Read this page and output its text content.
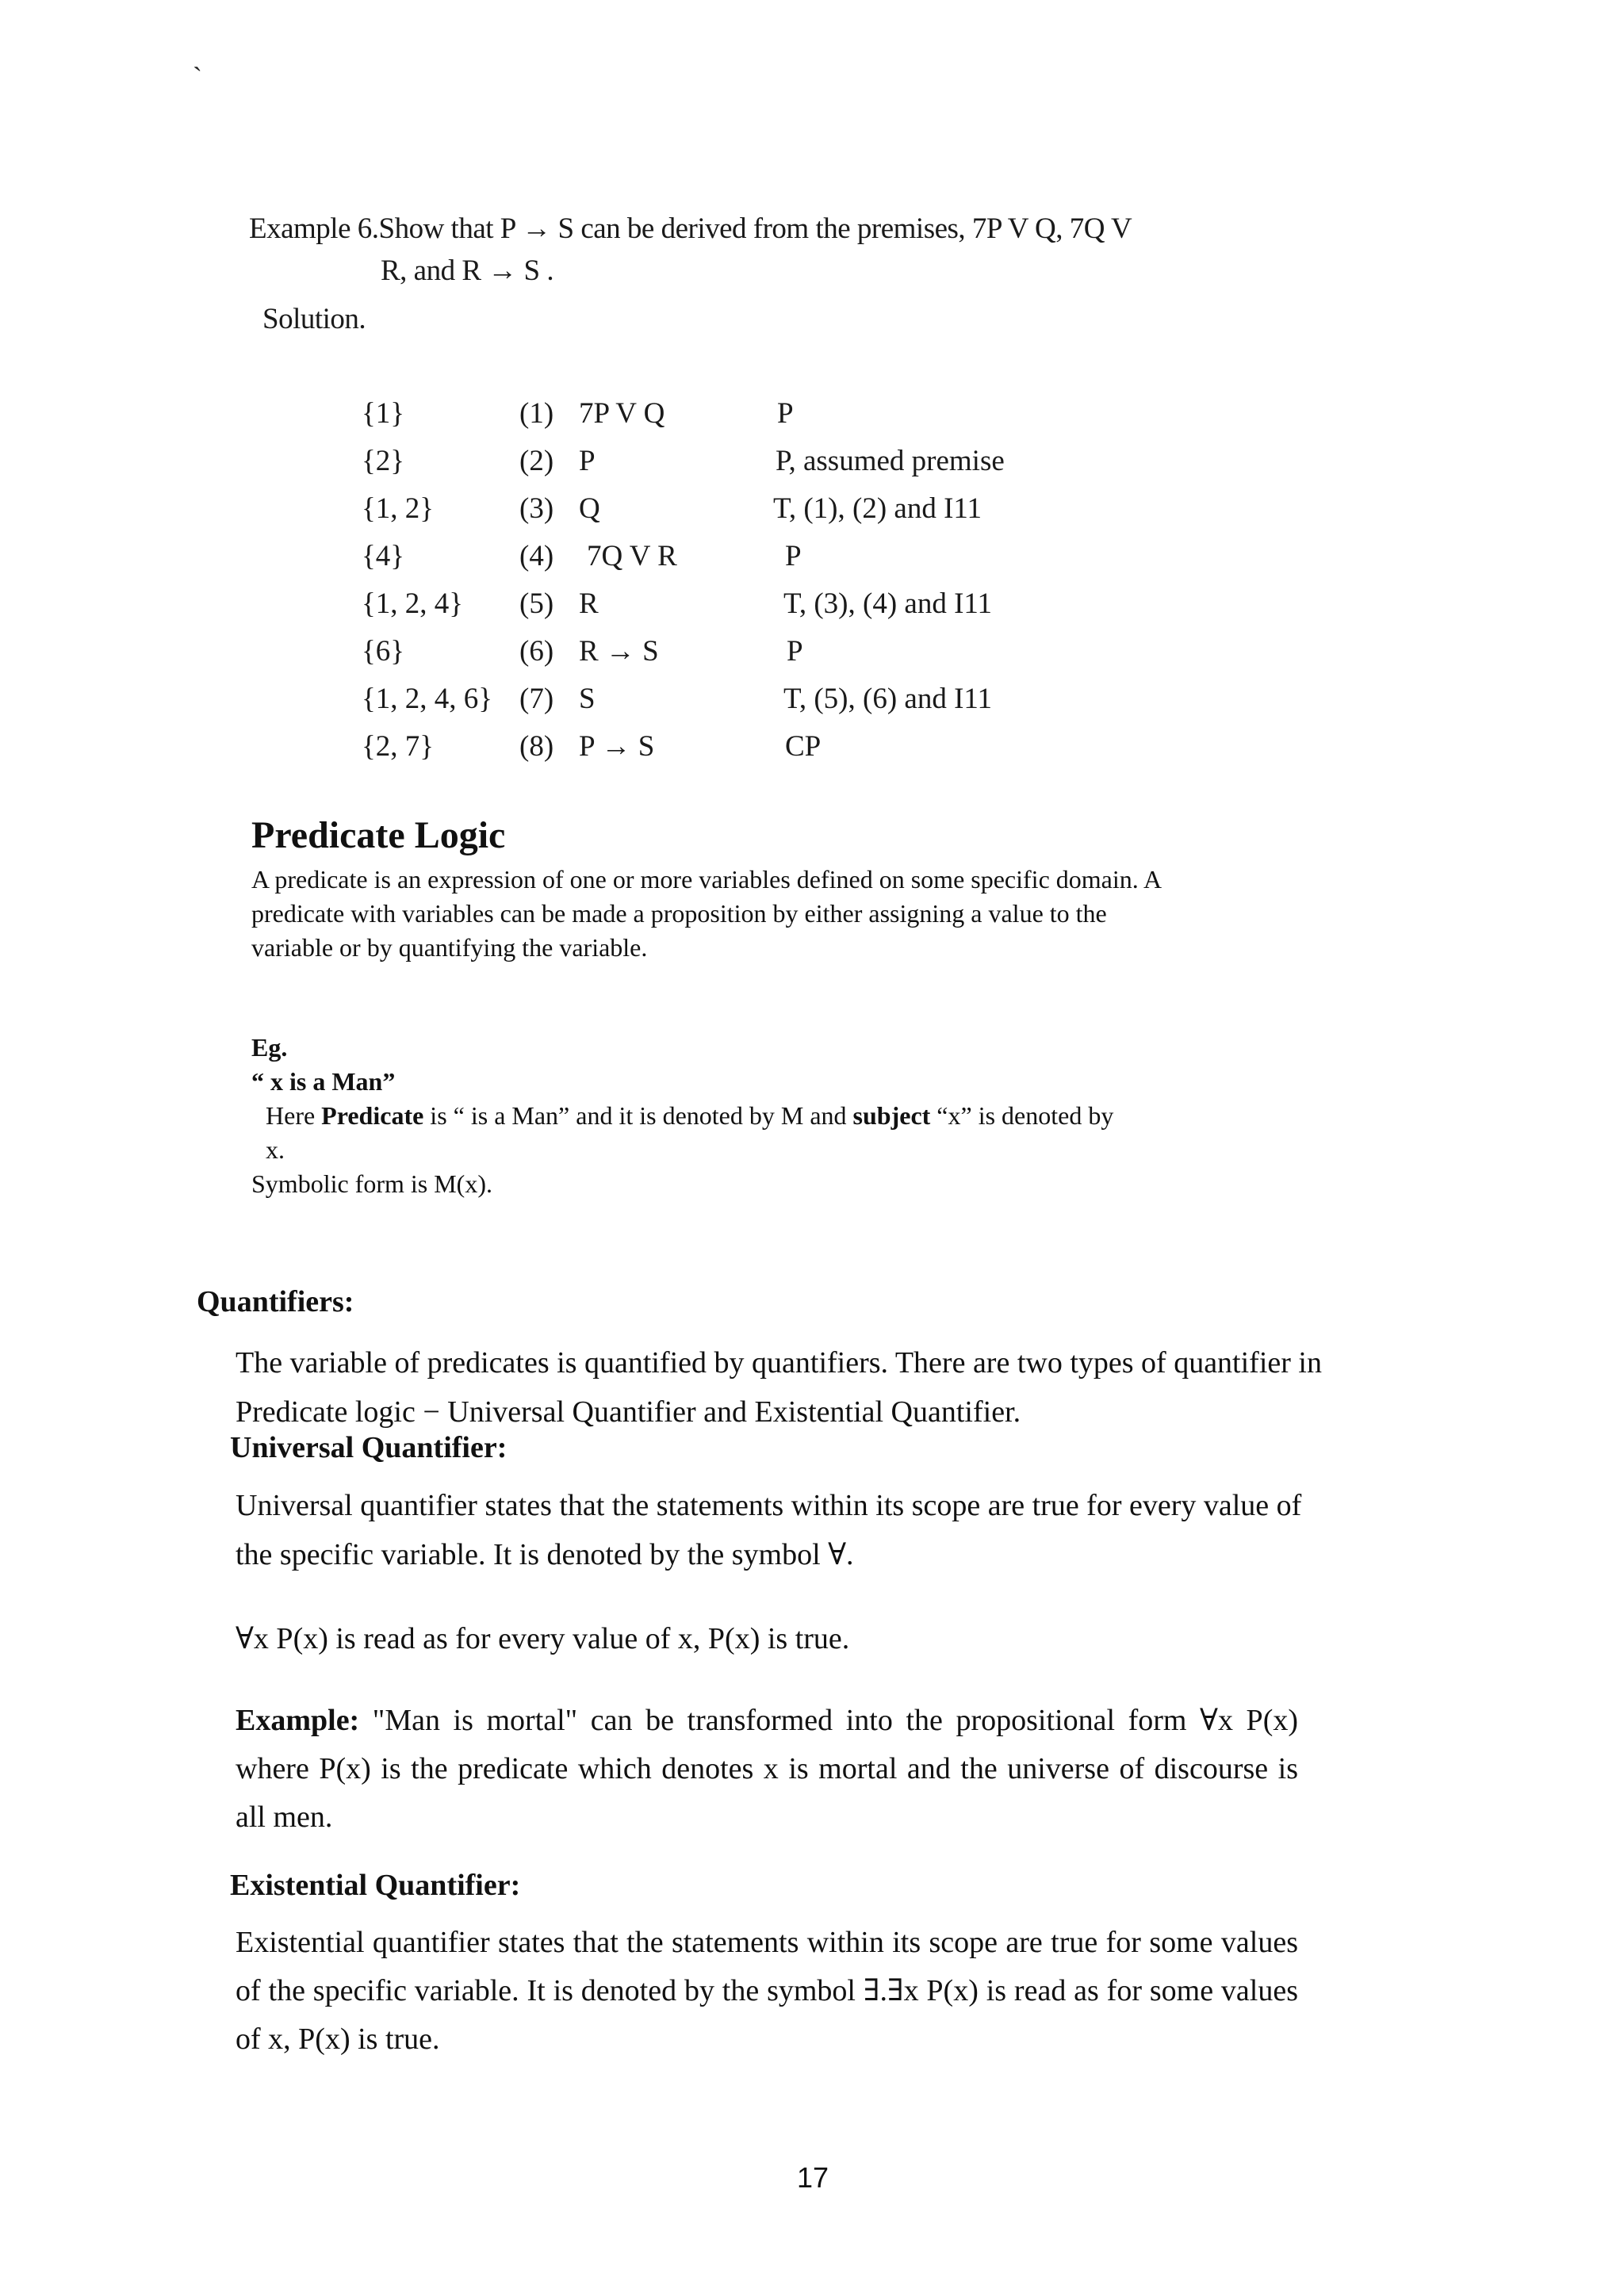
`
Example 6.Show that P → S can be derived from the premises, 7P V Q, 7Q V
R, and R → S .
Solution.
{1}	(1) 7P V Q	P
{2}	(2) P	P, assumed premise
{1, 2}	(3) Q	T, (1), (2) and I11
{4}	(4) 7Q V R	P
{1, 2, 4} (5) R	T, (3), (4) and I11
{6}	(6) R → S	P
{1, 2, 4, 6} (7) S	T, (5), (6) and I11
{2, 7}	(8) P → S	CP
Predicate Logic
A predicate is an expression of one or more variables defined on some specific domain. A predicate with variables can be made a proposition by either assigning a value to the variable or by quantifying the variable.
Eg.
“ x is a Man”
Here Predicate is “ is a Man” and it is denoted by M and subject “x” is denoted by x.
Symbolic form is M(x).
Quantifiers:
The variable of predicates is quantified by quantifiers. There are two types of quantifier in Predicate logic − Universal Quantifier and Existential Quantifier.
Universal Quantifier:
Universal quantifier states that the statements within its scope are true for every value of the specific variable. It is denoted by the symbol ∀.
∀x P(x) is read as for every value of x, P(x) is true.
Example: "Man is mortal" can be transformed into the propositional form ∀x P(x) where P(x) is the predicate which denotes x is mortal and the universe of discourse is all men.
Existential Quantifier:
Existential quantifier states that the statements within its scope are true for some values of the specific variable. It is denoted by the symbol ∃.∃x P(x) is read as for some values of x, P(x) is true.
17
